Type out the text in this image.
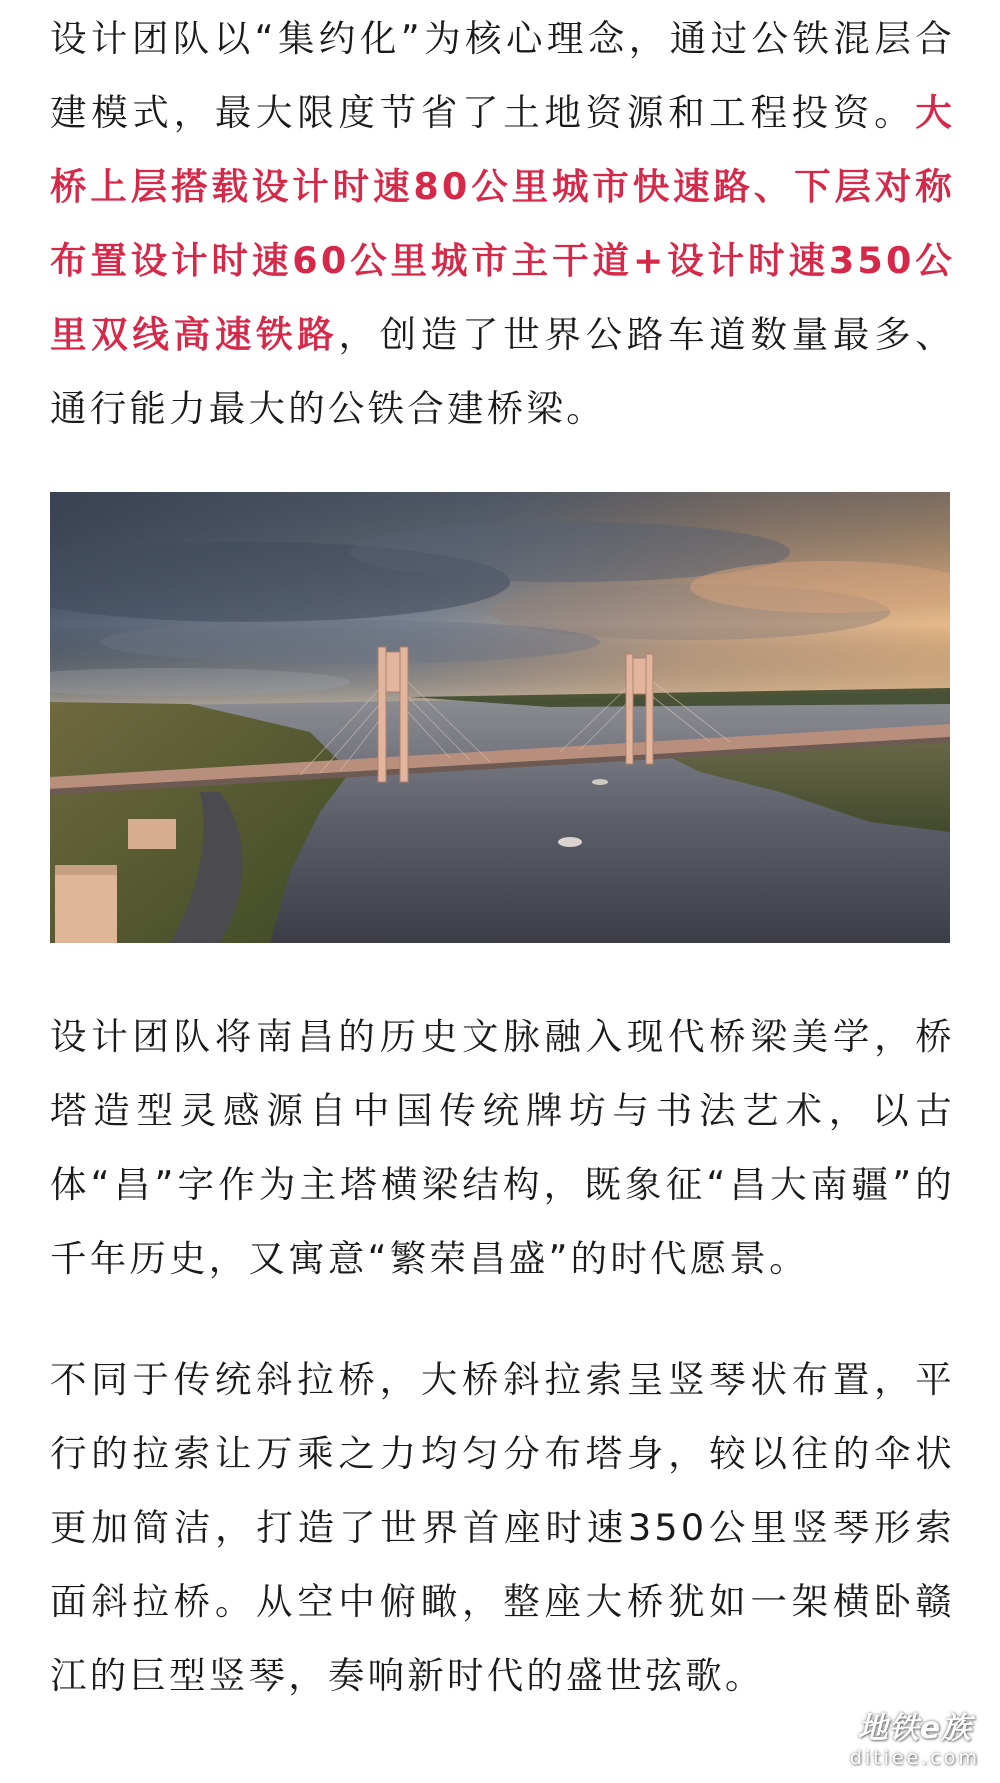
设计团队以“集约化”为核心理念，通过公铁混层合建模式，最大限度节省了土地资源和工程投资。大桥上层搭载设计时速80公里城市快速路、下层对称布置设计时速60公里城市主干道+设计时速350公里双线高速铁路，创造了世界公路车道数量最多、通行能力最大的公铁合建桥梁。

设计团队将南昌的历史文脉融入现代桥梁美学，桥塔造型灵感源自中国传统牌坊与书法艺术，以古体“昌”字作为主塔横梁结构，既象征“昌大南疆”的千年历史，又寓意“繁荣昌盛”的时代愿景。

不同于传统斜拉桥，大桥斜拉索呈竖琴状布置，平行的拉索让万乘之力均匀分布塔身，较以往的伞状更加简洁，打造了世界首座时速350公里竖琴形索面斜拉桥。从空中俯瞰，整座大桥犹如一架横卧赣江的巨型竖琴，奏响新时代的盛世弦歌。

地铁e族
ditiee.com
